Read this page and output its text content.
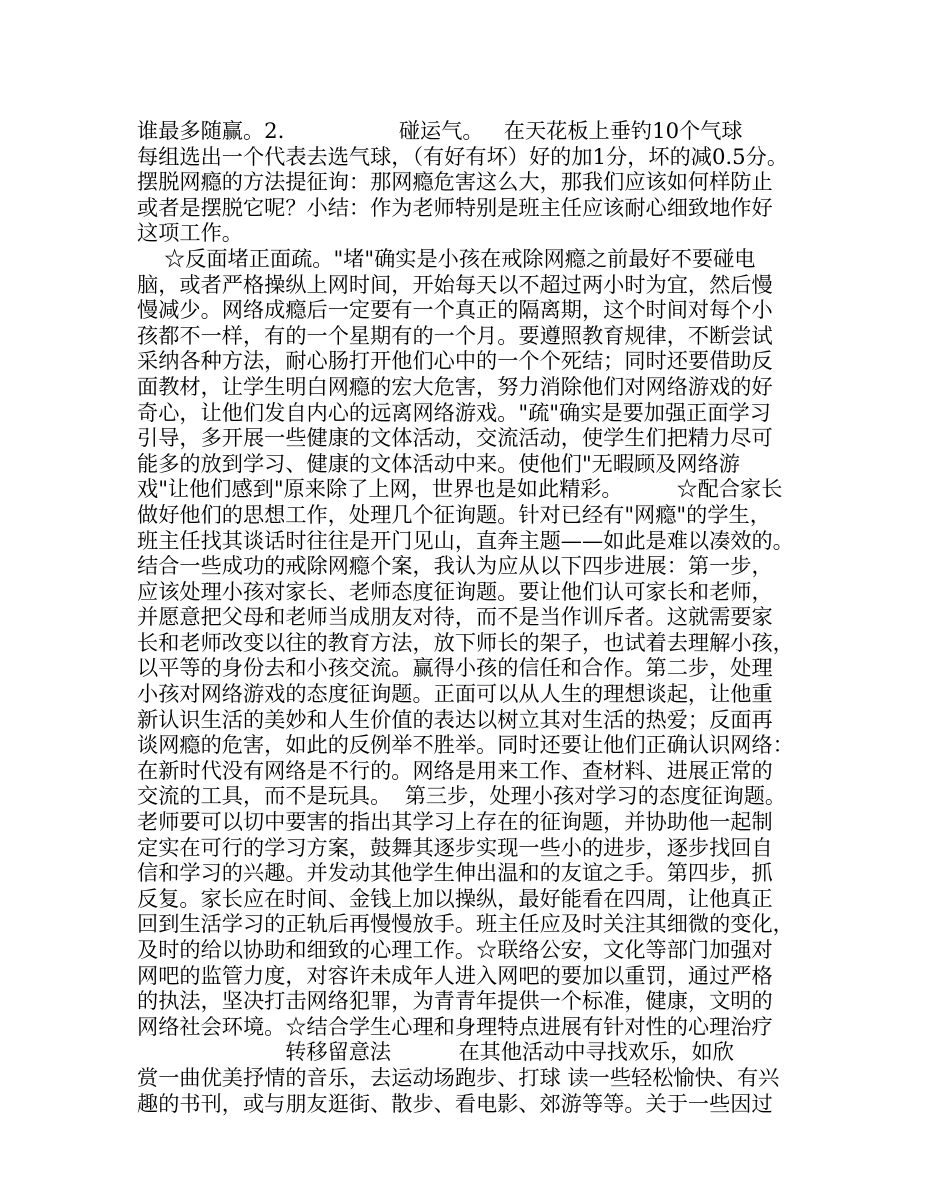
谁最多随赢。2.                 碰运气。   在天花板上垂钓10个气球
每组选出一个代表去选气球，（有好有坏）好的加1分，坏的减0.5分。
摆脱网瘾的方法提征询：那网瘾危害这么大，那我们应该如何样防止
或者是摆脱它呢？小结：作为老师特别是班主任应该耐心细致地作好
这项工作。
☆反面堵正面疏。"堵"确实是小孩在戒除网瘾之前最好不要碰电
脑，或者严格操纵上网时间，开始每天以不超过两小时为宜，然后慢
慢减少。网络成瘾后一定要有一个真正的隔离期，这个时间对每个小
孩都不一样，有的一个星期有的一个月。要遵照教育规律，不断尝试
采纳各种方法，耐心肠打开他们心中的一个个死结；同时还要借助反
面教材，让学生明白网瘾的宏大危害，努力消除他们对网络游戏的好
奇心，让他们发自内心的远离网络游戏。"疏"确实是要加强正面学习
引导，多开展一些健康的文体活动，交流活动，使学生们把精力尽可
能多的放到学习、健康的文体活动中来。使他们"无暇顾及网络游
戏"让他们感到"原来除了上网，世界也是如此精彩。        ☆配合家长
做好他们的思想工作，处理几个征询题。针对已经有"网瘾"的学生，
班主任找其谈话时往往是开门见山，直奔主题——如此是难以凑效的。
结合一些成功的戒除网瘾个案，我认为应从以下四步进展：第一步，
应该处理小孩对家长、老师态度征询题。要让他们认可家长和老师，
并愿意把父母和老师当成朋友对待，而不是当作训斥者。这就需要家
长和老师改变以往的教育方法，放下师长的架子，也试着去理解小孩，
以平等的身份去和小孩交流。赢得小孩的信任和合作。第二步，处理
小孩对网络游戏的态度征询题。正面可以从人生的理想谈起，让他重
新认识生活的美妙和人生价值的表达以树立其对生活的热爱；反面再
谈网瘾的危害，如此的反例举不胜举。同时还要让他们正确认识网络：
在新时代没有网络是不行的。网络是用来工作、查材料、进展正常的
交流的工具，而不是玩具。  第三步，处理小孩对学习的态度征询题。
老师要可以切中要害的指出其学习上存在的征询题，并协助他一起制
定实在可行的学习方案，鼓舞其逐步实现一些小的进步，逐步找回自
信和学习的兴趣。并发动其他学生伸出温和的友谊之手。第四步，抓
反复。家长应在时间、金钱上加以操纵，最好能看在四周，让他真正
回到生活学习的正轨后再慢慢放手。班主任应及时关注其细微的变化，
及时的给以协助和细致的心理工作。☆联络公安，文化等部门加强对
网吧的监管力度，对容许未成年人进入网吧的要加以重罚，通过严格
的执法，坚决打击网络犯罪，为青青年提供一个标准，健康，文明的
网络社会环境。☆结合学生心理和身理特点进展有针对性的心理治疗
转移留意法          在其他活动中寻找欢乐，如欣
赏一曲优美抒情的音乐，去运动场跑步、打球 读一些轻松愉快、有兴
趣的书刊，或与朋友逛街、散步、看电影、郊游等等。关于一些因过
